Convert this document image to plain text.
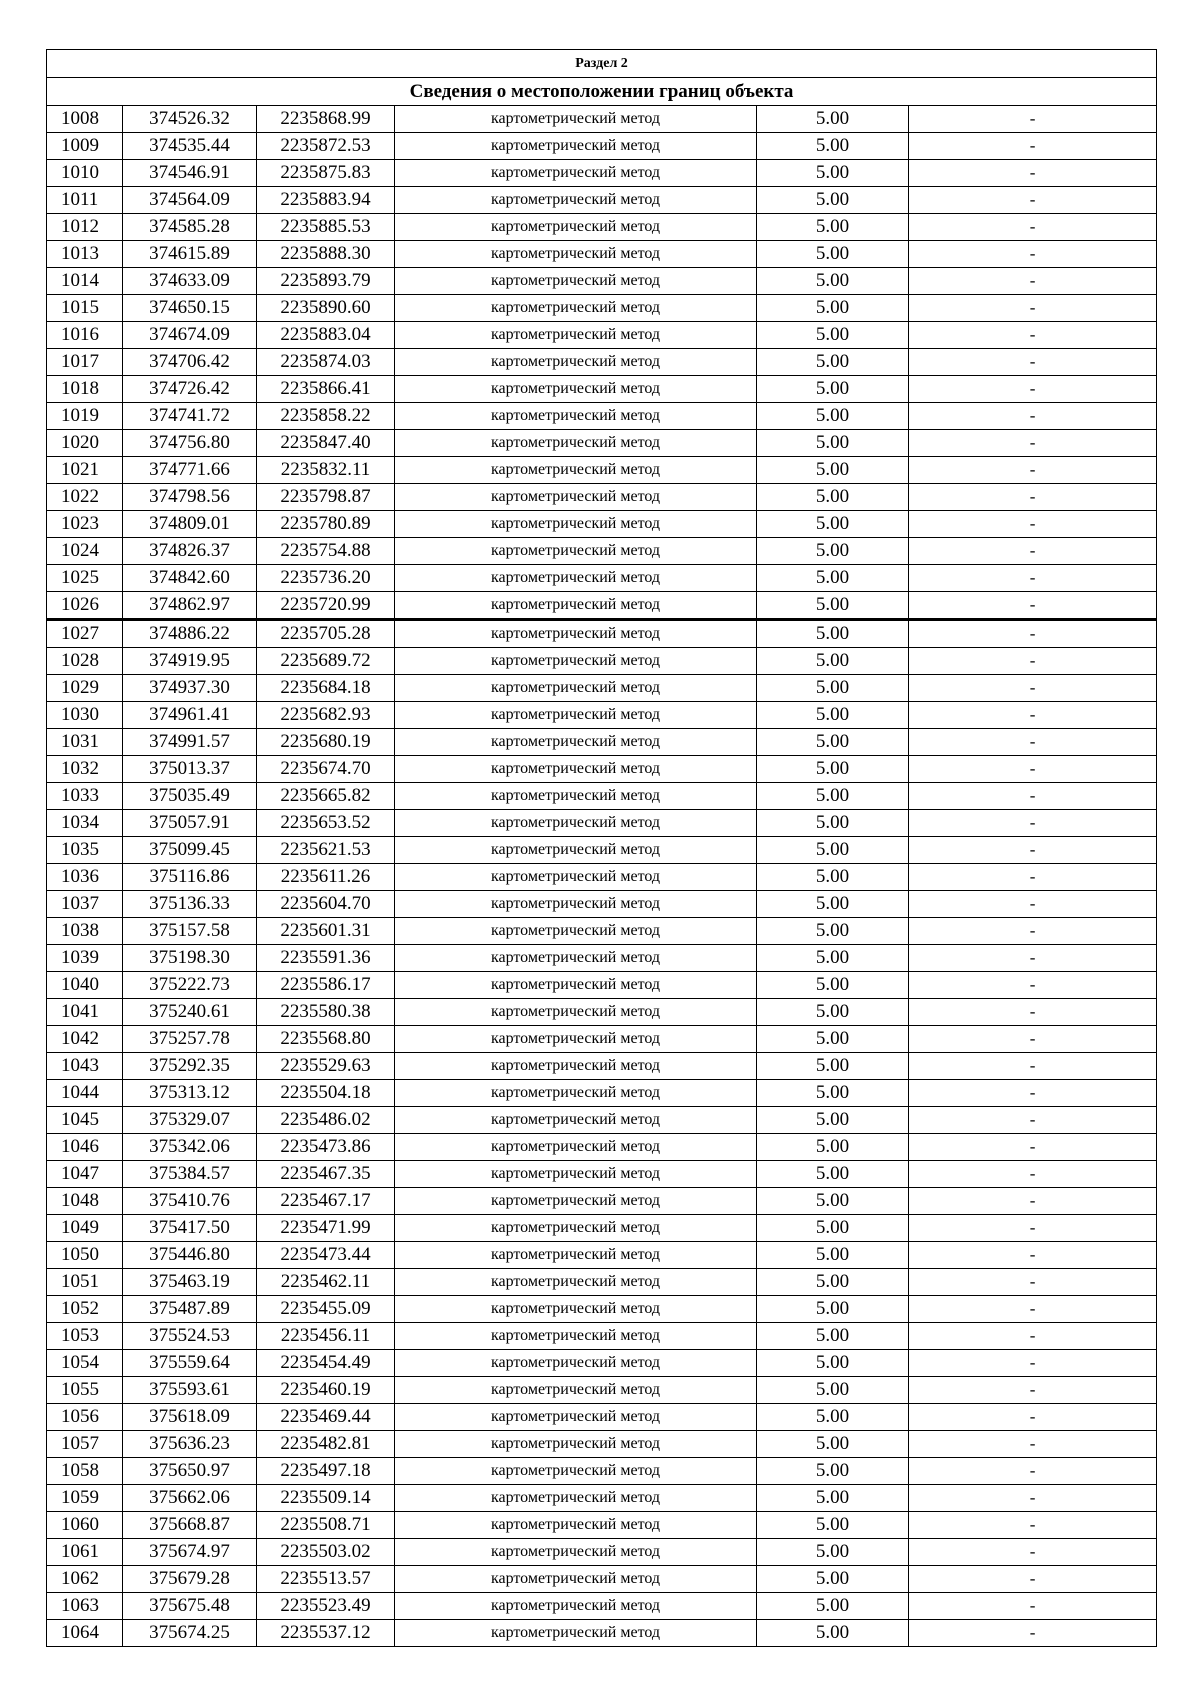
Раздел 2					
Сведения о местоположении границ объекта					
1008	374526.32	2235868.99	картометрический метод	5.00	-
1009	374535.44	2235872.53	картометрический метод	5.00	-
1010	374546.91	2235875.83	картометрический метод	5.00	-
1011	374564.09	2235883.94	картометрический метод	5.00	-
1012	374585.28	2235885.53	картометрический метод	5.00	-
1013	374615.89	2235888.30	картометрический метод	5.00	-
1014	374633.09	2235893.79	картометрический метод	5.00	-
1015	374650.15	2235890.60	картометрический метод	5.00	-
1016	374674.09	2235883.04	картометрический метод	5.00	-
1017	374706.42	2235874.03	картометрический метод	5.00	-
1018	374726.42	2235866.41	картометрический метод	5.00	-
1019	374741.72	2235858.22	картометрический метод	5.00	-
1020	374756.80	2235847.40	картометрический метод	5.00	-
1021	374771.66	2235832.11	картометрический метод	5.00	-
1022	374798.56	2235798.87	картометрический метод	5.00	-
1023	374809.01	2235780.89	картометрический метод	5.00	-
1024	374826.37	2235754.88	картометрический метод	5.00	-
1025	374842.60	2235736.20	картометрический метод	5.00	-
1026	374862.97	2235720.99	картометрический метод	5.00	-
1027	374886.22	2235705.28	картометрический метод	5.00	-
1028	374919.95	2235689.72	картометрический метод	5.00	-
1029	374937.30	2235684.18	картометрический метод	5.00	-
1030	374961.41	2235682.93	картометрический метод	5.00	-
1031	374991.57	2235680.19	картометрический метод	5.00	-
1032	375013.37	2235674.70	картометрический метод	5.00	-
1033	375035.49	2235665.82	картометрический метод	5.00	-
1034	375057.91	2235653.52	картометрический метод	5.00	-
1035	375099.45	2235621.53	картометрический метод	5.00	-
1036	375116.86	2235611.26	картометрический метод	5.00	-
1037	375136.33	2235604.70	картометрический метод	5.00	-
1038	375157.58	2235601.31	картометрический метод	5.00	-
1039	375198.30	2235591.36	картометрический метод	5.00	-
1040	375222.73	2235586.17	картометрический метод	5.00	-
1041	375240.61	2235580.38	картометрический метод	5.00	-
1042	375257.78	2235568.80	картометрический метод	5.00	-
1043	375292.35	2235529.63	картометрический метод	5.00	-
1044	375313.12	2235504.18	картометрический метод	5.00	-
1045	375329.07	2235486.02	картометрический метод	5.00	-
1046	375342.06	2235473.86	картометрический метод	5.00	-
1047	375384.57	2235467.35	картометрический метод	5.00	-
1048	375410.76	2235467.17	картометрический метод	5.00	-
1049	375417.50	2235471.99	картометрический метод	5.00	-
1050	375446.80	2235473.44	картометрический метод	5.00	-
1051	375463.19	2235462.11	картометрический метод	5.00	-
1052	375487.89	2235455.09	картометрический метод	5.00	-
1053	375524.53	2235456.11	картометрический метод	5.00	-
1054	375559.64	2235454.49	картометрический метод	5.00	-
1055	375593.61	2235460.19	картометрический метод	5.00	-
1056	375618.09	2235469.44	картометрический метод	5.00	-
1057	375636.23	2235482.81	картометрический метод	5.00	-
1058	375650.97	2235497.18	картометрический метод	5.00	-
1059	375662.06	2235509.14	картометрический метод	5.00	-
1060	375668.87	2235508.71	картометрический метод	5.00	-
1061	375674.97	2235503.02	картометрический метод	5.00	-
1062	375679.28	2235513.57	картометрический метод	5.00	-
1063	375675.48	2235523.49	картометрический метод	5.00	-
1064	375674.25	2235537.12	картометрический метод	5.00	-
